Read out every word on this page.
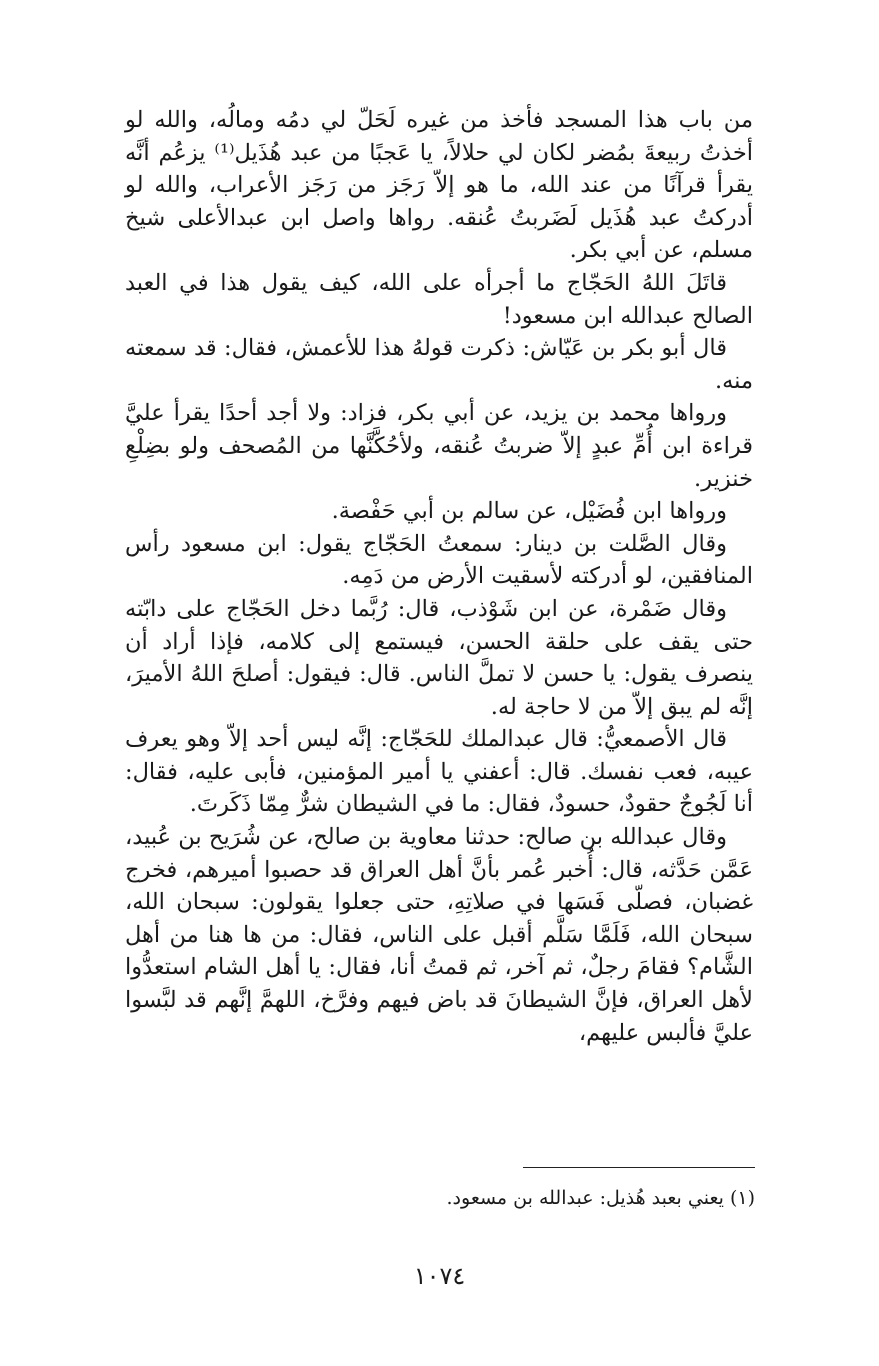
من باب هذا المسجد فأخذ من غيره لَحَلّ لي دمُه ومالُه، والله لو أخذتُ ربيعةَ بمُضر لكان لي حلالاً، يا عَجبًا من عبد هُذَيل⁽¹⁾ يزعُم أنَّه يقرأ قرآنًا من عند الله، ما هو إلاّ رَجَز من رَجَز الأعراب، والله لو أدركتُ عبد هُذَيل لَضَربتُ عُنقه. رواها واصل ابن عبدالأعلى شيخ مسلم، عن أبي بكر.

قاتَلَ اللهُ الحَجّاج ما أجرأه على الله، كيف يقول هذا في العبد الصالح عبدالله ابن مسعود!

قال أبو بكر بن عَيّاش: ذكرت قولهُ هذا للأعمش، فقال: قد سمعته منه.

ورواها محمد بن يزيد، عن أبي بكر، فزاد: ولا أجد أحدًا يقرأ عليَّ قراءة ابن أُمِّ عبدٍ إلاّ ضربتُ عُنقه، ولأحُكَّنَّها من المُصحف ولو بضِلْعِ خنزير.

ورواها ابن فُضَيْل، عن سالم بن أبي حَفْصة.

وقال الصَّلت بن دينار: سمعتُ الحَجّاج يقول: ابن مسعود رأس المنافقين، لو أدركته لأسقيت الأرض من دَمِه.

وقال ضَمْرة، عن ابن شَوْذب، قال: رُبَّما دخل الحَجّاج على دابّته حتى يقف على حلقة الحسن، فيستمع إلى كلامه، فإذا أراد أن ينصرف يقول: يا حسن لا تملَّ الناس. قال: فيقول: أصلحَ اللهُ الأميرَ، إنَّه لم يبق إلاّ من لا حاجة له.

قال الأصمعيُّ: قال عبدالملك للحَجّاج: إنَّه ليس أحد إلاّ وهو يعرف عيبه، فعب نفسك. قال: أعفني يا أمير المؤمنين، فأبى عليه، فقال: أنا لَجُوجٌ حقودٌ، حسودٌ، فقال: ما في الشيطان شرٌّ مِمّا ذَكَرتَ.

وقال عبدالله بن صالح: حدثنا معاوية بن صالح، عن شُرَيح بن عُبيد، عَمَّن حَدَّثه، قال: أُخبر عُمر بأنَّ أهل العراق قد حصبوا أميرهم، فخرج غضبان، فصلّى فَسَها في صلاتِهِ، حتى جعلوا يقولون: سبحان الله، سبحان الله، فَلَمَّا سَلَّم أقبل على الناس، فقال: من ها هنا من أهل الشَّام؟ فقامَ رجلٌ، ثم آخر، ثم قمتُ أنا، فقال: يا أهل الشام استعدُّوا لأهل العراق، فإنَّ الشيطانَ قد باض فيهم وفرَّخ، اللهمَّ إنَّهم قد لبَّسوا عليَّ فألبس عليهم،

(١) يعني بعبد هُذيل: عبدالله بن مسعود.

١٠٧٤
